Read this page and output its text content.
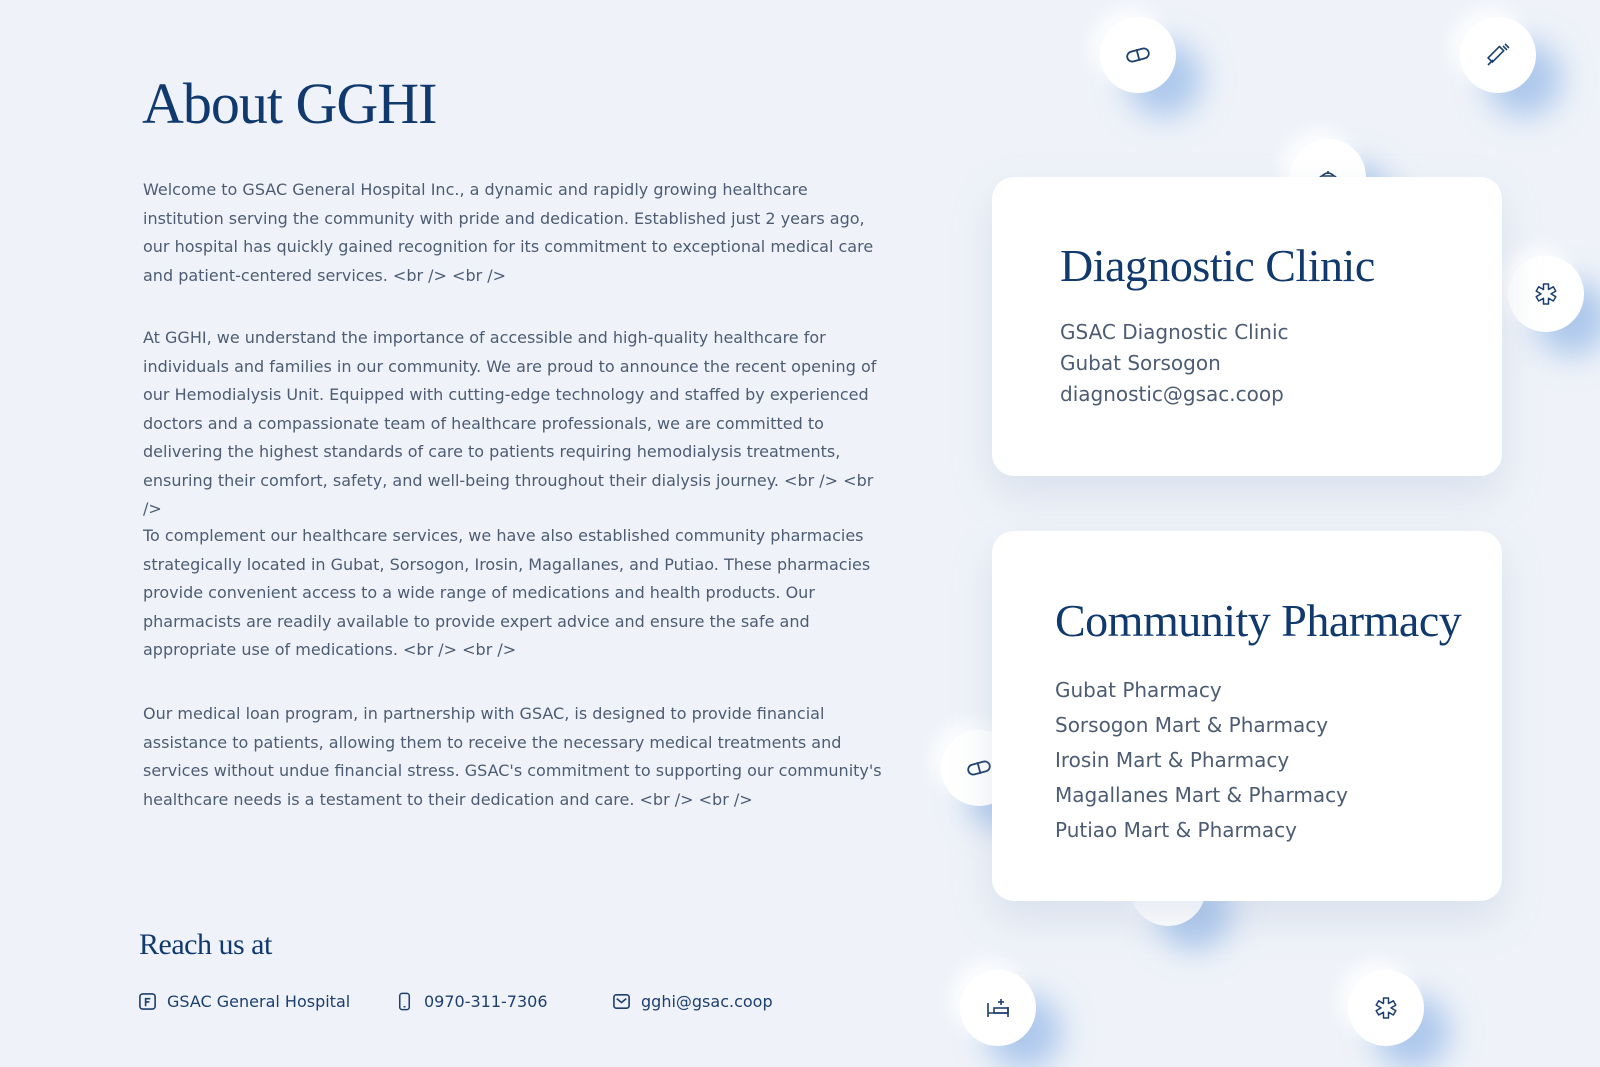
About GGHI

Welcome to GSAC General Hospital Inc., a dynamic and rapidly growing healthcare institution serving the community with pride and dedication. Established just 2 years ago, our hospital has quickly gained recognition for its commitment to exceptional medical care and patient-centered services. <br /> <br />

At GGHI, we understand the importance of accessible and high-quality healthcare for individuals and families in our community. We are proud to announce the recent opening of our Hemodialysis Unit. Equipped with cutting-edge technology and staffed by experienced doctors and a compassionate team of healthcare professionals, we are committed to delivering the highest standards of care to patients requiring hemodialysis treatments, ensuring their comfort, safety, and well-being throughout their dialysis journey. <br /> <br />

To complement our healthcare services, we have also established community pharmacies strategically located in Gubat, Sorsogon, Irosin, Magallanes, and Putiao. These pharmacies provide convenient access to a wide range of medications and health products. Our pharmacists are readily available to provide expert advice and ensure the safe and appropriate use of medications. <br /> <br />

Our medical loan program, in partnership with GSAC, is designed to provide financial assistance to patients, allowing them to receive the necessary medical treatments and services without undue financial stress. GSAC's commitment to supporting our community's healthcare needs is a testament to their dedication and care. <br /> <br />

Reach us at
GSAC General Hospital	0970-311-7306	gghi@gsac.coop
Diagnostic Clinic
GSAC Diagnostic Clinic
Gubat Sorsogon
diagnostic@gsac.coop
Community Pharmacy
Gubat Pharmacy
Sorsogon Mart & Pharmacy
Irosin Mart & Pharmacy
Magallanes Mart & Pharmacy
Putiao Mart & Pharmacy
